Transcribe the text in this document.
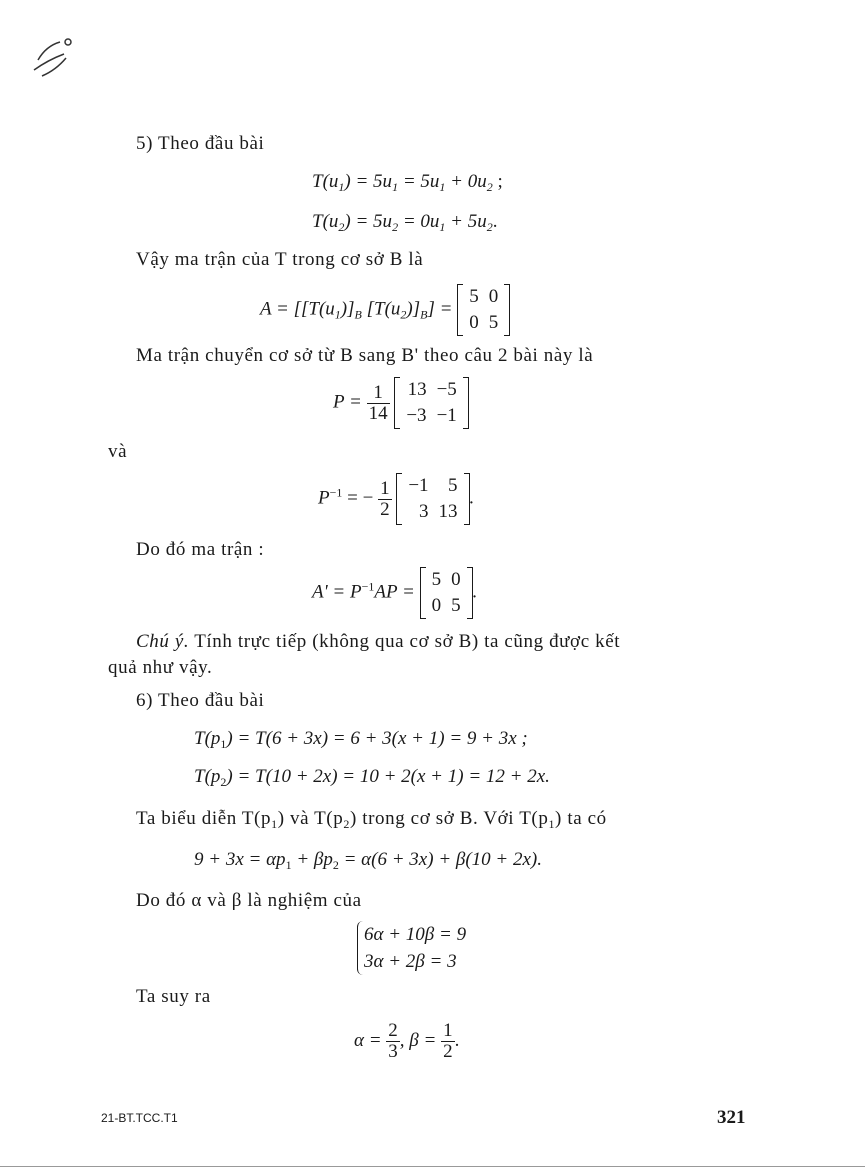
5) Theo đầu bài
$T(u_1) = 5u_1 = 5u_1 + 0u_2$ ;
$T(u_2) = 5u_2 = 0u_1 + 5u_2$.
Vậy ma trận của T trong cơ sở B là
$A = [[T(u_1)]_B$ $[T(u_2)]_B$] =
5	0
0	5
Ma trận chuyển cơ sở từ B sang B' theo câu 2 bài này là
$P = \frac{1}{14}$
13	−5
−3	−1
và
$P^{-1}$ = − $\frac{1}{2}$
−1	5
3	13
.
Do đó ma trận :
$A' = P^{-1}AP$ =
5	0
0	5
.
Chú ý. Tính trực tiếp (không qua cơ sở B) ta cũng được kết
quả như vậy.
6) Theo đầu bài
$T(p_1) = T(6 + 3x) = 6 + 3(x + 1) = 9 + 3x$ ;
$T(p_2) = T(10 + 2x) = 10 + 2(x + 1) = 12 + 2x$.
Ta biểu diễn $T(p_1)$ và $T(p_2)$ trong cơ sở B. Với $T(p_1)$ ta có
$9 + 3x = \alpha p_1 + \beta p_2 = \alpha(6 + 3x) + \beta(10 + 2x)$.
Do đó α và β là nghiệm của
6α + 10β = 9
3α + 2β = 3
Ta suy ra
$\alpha = \frac{2}{3}$ , $\beta = \frac{1}{2}$ .
21-BT.TCC.T1	321
